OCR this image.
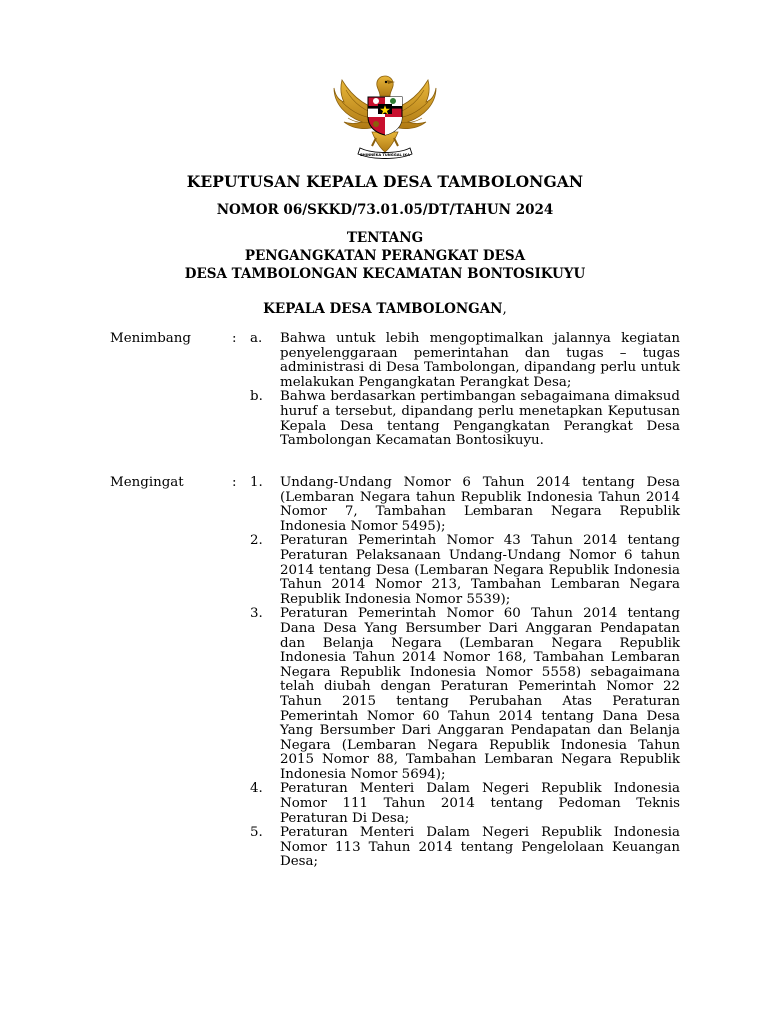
BHINNEKA TUNGGAL IKA
KEPUTUSAN KEPALA DESA TAMBOLONGAN
NOMOR 06/SKKD/73.01.05/DT/TAHUN 2024
TENTANG
PENGANGKATAN PERANGKAT DESA
DESA TAMBOLONGAN KECAMATAN BONTOSIKUYU
KEPALA DESA TAMBOLONGAN,
Menimbang	: a.	Bahwa untuk lebih mengoptimalkan jalannya kegiatan penyelenggaraan pemerintahan dan tugas – tugas administrasi di Desa Tambolongan, dipandang perlu untuk melakukan Pengangkatan Perangkat Desa;
b.	Bahwa berdasarkan pertimbangan sebagaimana dimaksud huruf a tersebut, dipandang perlu menetapkan Keputusan Kepala Desa tentang Pengangkatan Perangkat Desa Tambolongan Kecamatan Bontosikuyu.
Mengingat	: 1.	Undang-Undang Nomor 6 Tahun 2014 tentang Desa (Lembaran Negara tahun Republik Indonesia Tahun 2014 Nomor 7, Tambahan Lembaran Negara Republik Indonesia Nomor 5495);
2.	Peraturan Pemerintah Nomor 43 Tahun 2014 tentang Peraturan Pelaksanaan Undang-Undang Nomor 6 tahun 2014 tentang Desa (Lembaran Negara Republik Indonesia Tahun 2014 Nomor 213, Tambahan Lembaran Negara Republik Indonesia Nomor 5539);
3.	Peraturan Pemerintah Nomor 60 Tahun 2014 tentang Dana Desa Yang Bersumber Dari Anggaran Pendapatan dan Belanja Negara (Lembaran Negara Republik Indonesia Tahun 2014 Nomor 168, Tambahan Lembaran Negara Republik Indonesia Nomor 5558) sebagaimana telah diubah dengan Peraturan Pemerintah Nomor 22 Tahun 2015 tentang Perubahan Atas Peraturan Pemerintah Nomor 60 Tahun 2014 tentang Dana Desa Yang Bersumber Dari Anggaran Pendapatan dan Belanja Negara (Lembaran Negara Republik Indonesia Tahun 2015 Nomor 88, Tambahan Lembaran Negara Republik Indonesia Nomor 5694);
4.	Peraturan Menteri Dalam Negeri Republik Indonesia Nomor 111 Tahun 2014 tentang Pedoman Teknis Peraturan Di Desa;
5.	Peraturan Menteri Dalam Negeri Republik Indonesia Nomor 113 Tahun 2014 tentang Pengelolaan Keuangan Desa;
